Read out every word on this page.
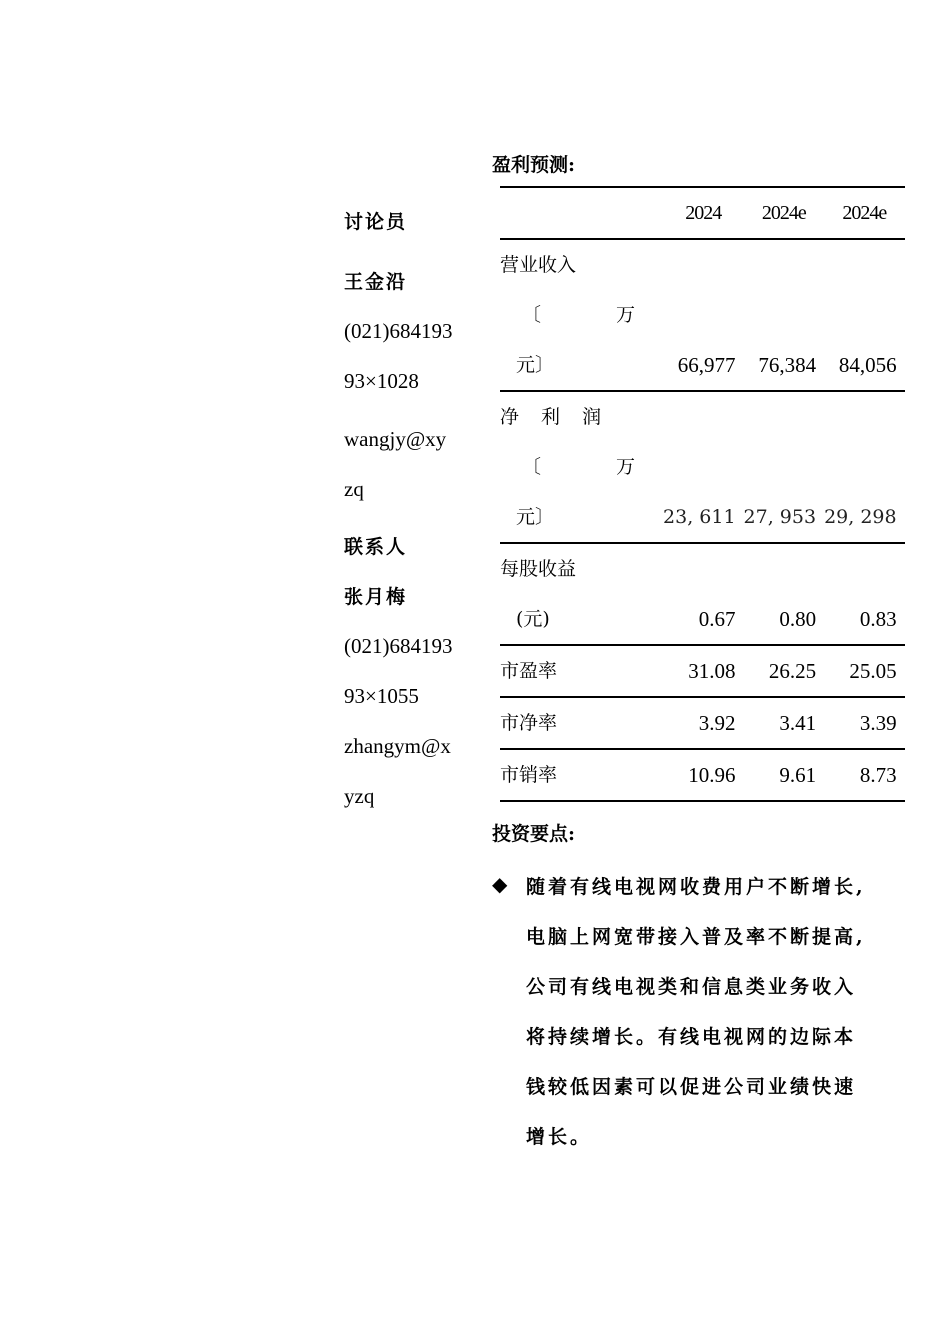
讨论员
王金沿
(021)684193
93×1028
wangjy@xy
zq
联系人
张月梅
(021)684193
93×1055
zhangym@x
yzq
盈利预测:
	2024	2024e	2024e

营业收入
〔　万
元〕	66,977	76,384	84,056

净 利 润
〔　万
元〕	23, 611	27, 953	29, 298

每股收益
(元)	0.67	0.80	0.83

市盈率	31.08	26.25	25.05

市净率	3.92	3.41	3.39

市销率	10.96	9.61	8.73
投资要点:
◆ 随着有线电视网收费用户不断增长,
电脑上网宽带接入普及率不断提高,
公司有线电视类和信息类业务收入
将持续增长。有线电视网的边际本
钱较低因素可以促进公司业绩快速
增长。
